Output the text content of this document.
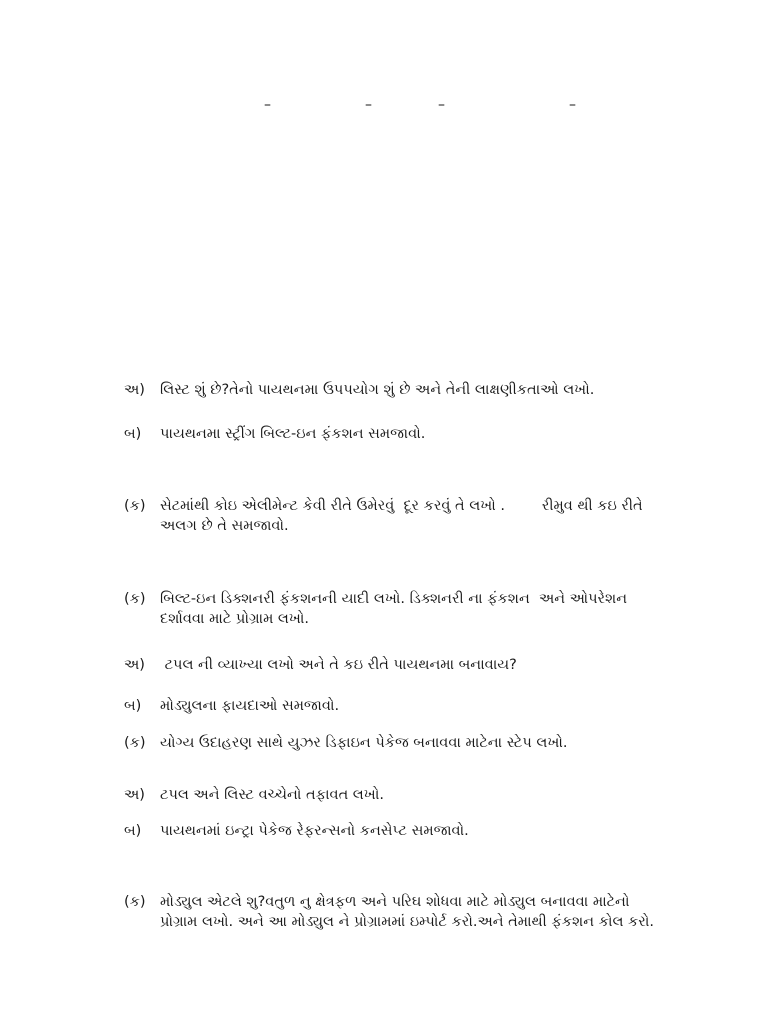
–	–	–	–
અ)	લિસ્ટ શું છે?તેનો પાયથનમા ઉપપયોગ શું છે અને તેની લાક્ષણીકતાઓ લખો.
બ)	પાયથનમા સ્ટ્રીંગ બિલ્ટ-ઇન ફંકશન સમજાવો.
(ક) સેટમાંથી કોઇ એલીમેન્ટ કેવી રીતે ઉમેરવું  દૂર કરવું તે લખો .        રીમુવ થી કઇ રીતે અલગ છે તે સમજાવો.
(ક) બિલ્ટ-ઇન ડિક્શનરી ફંકશનની યાદી લખો. ડિક્શનરી ના ફંકશન  અને ઓપરેશન દર્શાવવા માટે પ્રોગ્રામ લખો.
અ)	ટપલ ની વ્યાખ્યા લખો અને તે કઇ રીતે પાયથનમા બનાવાય?
બ)	મોડ્યુલના ફાયદાઓ સમજાવો.
(ક) યોગ્ય ઉદાહરણ સાથે યુઝર ડિફાઇન પેકેજ બનાવવા માટેના સ્ટેપ લખો.
અ)	ટપલ અને લિસ્ટ વચ્ચેનો તફાવત લખો.
બ)	પાયથનમાં ઇન્ટ્રા પેકેજ રેફરન્સનો કનસેપ્ટ સમજાવો.
(ક) મોડ્યુલ એટલે શુ?વતુળ નુ ક્ષેત્રફળ અને પરિઘ શોધવા માટે મોડ્યુલ બનાવવા માટેનો પ્રોગ્રામ લખો. અને આ મોડ્યુલ ને પ્રોગ્રામમાં ઇમ્પોર્ટ કરો.અને તેમાથી ફંકશન કોલ કરો.
